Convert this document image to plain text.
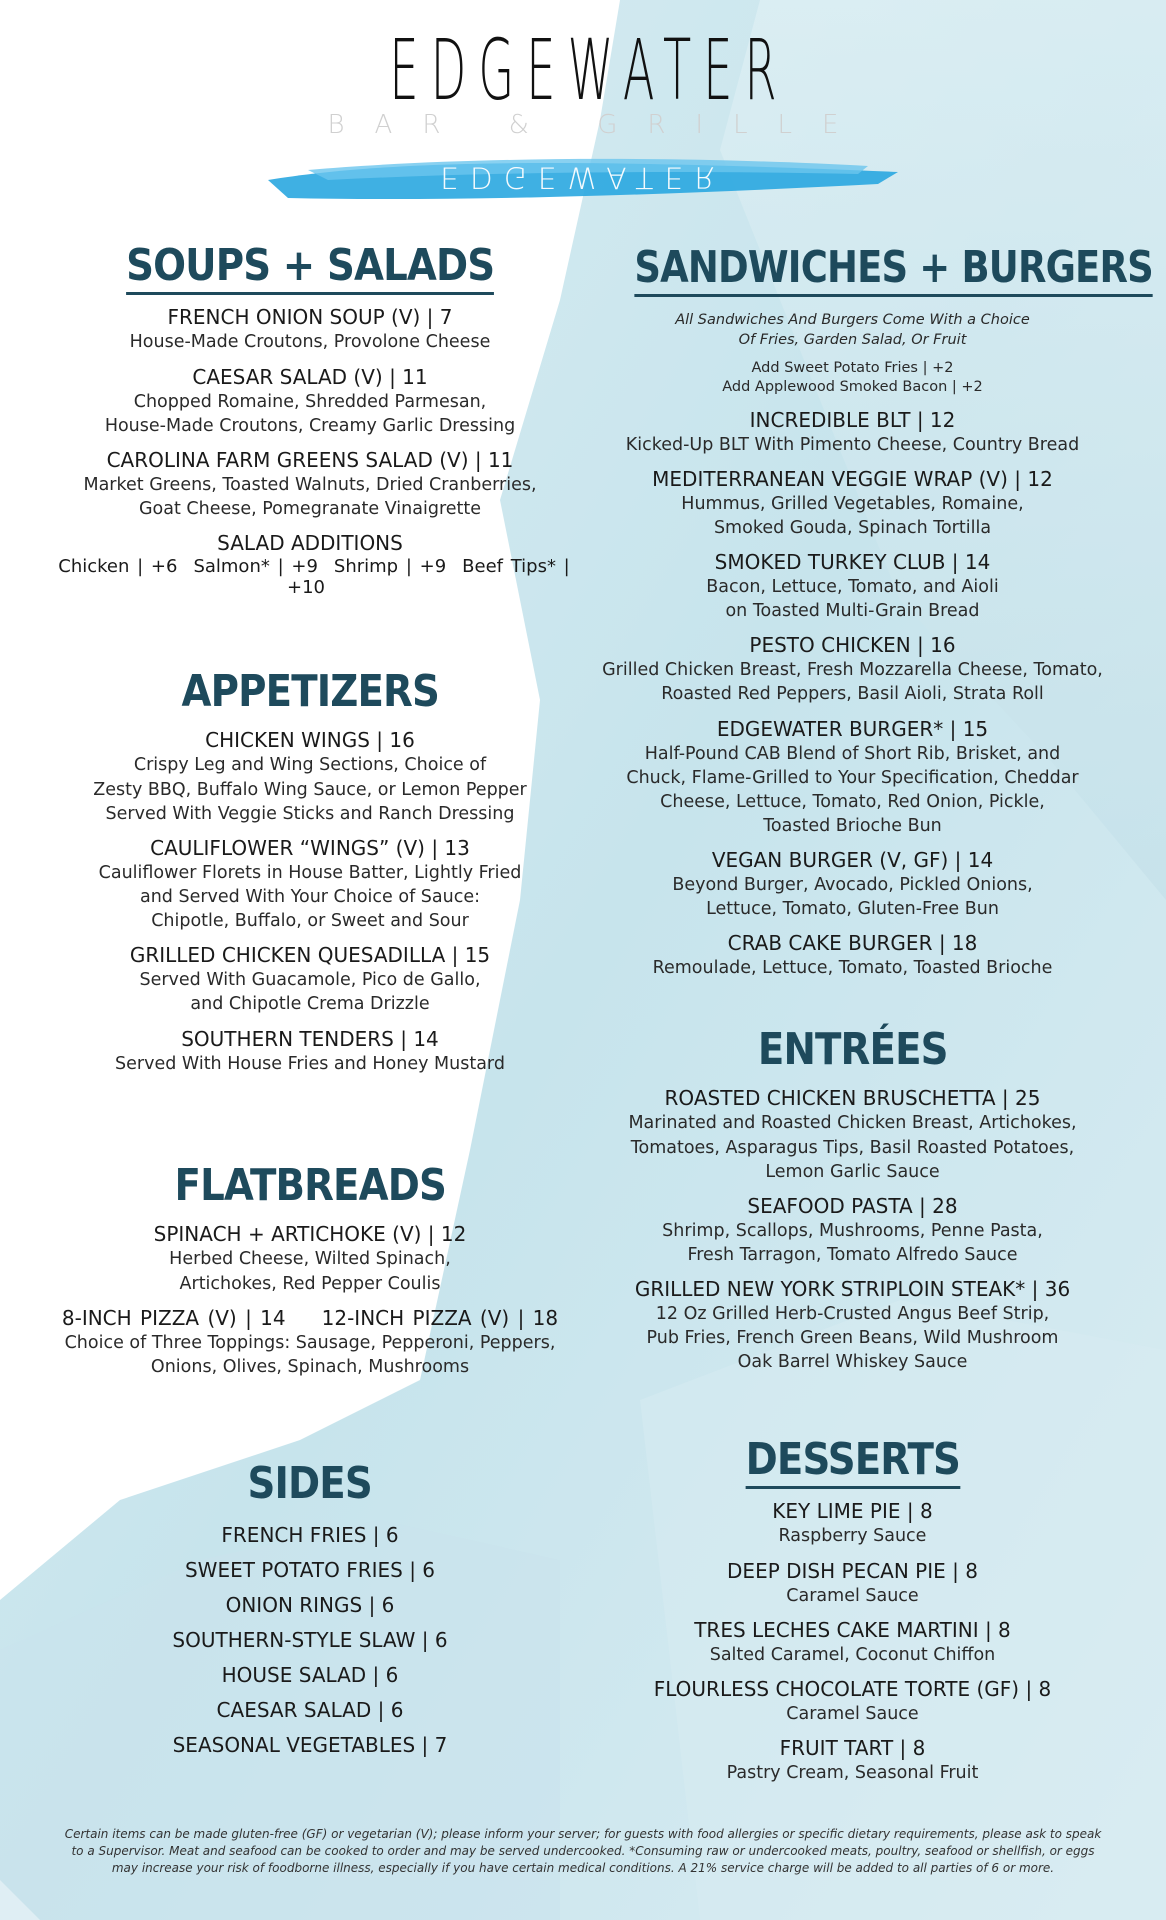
EDGEWATER
BAR & GRILLE
EDGEWATER
SOUPS + SALADS
FRENCH ONION SOUP (V) | 7
House-Made Croutons, Provolone Cheese
CAESAR SALAD (V) | 11
Chopped Romaine, Shredded Parmesan,
House-Made Croutons, Creamy Garlic Dressing
CAROLINA FARM GREENS SALAD (V) | 11
Market Greens, Toasted Walnuts, Dried Cranberries,
Goat Cheese, Pomegranate Vinaigrette
SALAD ADDITIONS
Chicken | +6 Salmon* | +9 Shrimp | +9 Beef Tips* | +10
APPETIZERS
CHICKEN WINGS | 16
Crispy Leg and Wing Sections, Choice of
Zesty BBQ, Buffalo Wing Sauce, or Lemon Pepper
Served With Veggie Sticks and Ranch Dressing
CAULIFLOWER “WINGS” (V) | 13
Cauliflower Florets in House Batter, Lightly Fried
and Served With Your Choice of Sauce:
Chipotle, Buffalo, or Sweet and Sour
GRILLED CHICKEN QUESADILLA | 15
Served With Guacamole, Pico de Gallo,
and Chipotle Crema Drizzle
SOUTHERN TENDERS | 14
Served With House Fries and Honey Mustard
FLATBREADS
SPINACH + ARTICHOKE (V) | 12
Herbed Cheese, Wilted Spinach,
Artichokes, Red Pepper Coulis
8-INCH PIZZA (V) | 14 12-INCH PIZZA (V) | 18
Choice of Three Toppings: Sausage, Pepperoni, Peppers,
Onions, Olives, Spinach, Mushrooms
SIDES
FRENCH FRIES | 6
SWEET POTATO FRIES | 6
ONION RINGS | 6
SOUTHERN-STYLE SLAW | 6
HOUSE SALAD | 6
CAESAR SALAD | 6
SEASONAL VEGETABLES | 7
SANDWICHES + BURGERS
All Sandwiches And Burgers Come With a Choice
Of Fries, Garden Salad, Or Fruit
Add Sweet Potato Fries | +2
Add Applewood Smoked Bacon | +2
INCREDIBLE BLT | 12
Kicked-Up BLT With Pimento Cheese, Country Bread
MEDITERRANEAN VEGGIE WRAP (V) | 12
Hummus, Grilled Vegetables, Romaine,
Smoked Gouda, Spinach Tortilla
SMOKED TURKEY CLUB | 14
Bacon, Lettuce, Tomato, and Aioli
on Toasted Multi-Grain Bread
PESTO CHICKEN | 16
Grilled Chicken Breast, Fresh Mozzarella Cheese, Tomato,
Roasted Red Peppers, Basil Aioli, Strata Roll
EDGEWATER BURGER* | 15
Half-Pound CAB Blend of Short Rib, Brisket, and
Chuck, Flame-Grilled to Your Specification, Cheddar
Cheese, Lettuce, Tomato, Red Onion, Pickle,
Toasted Brioche Bun
VEGAN BURGER (V, GF) | 14
Beyond Burger, Avocado, Pickled Onions,
Lettuce, Tomato, Gluten-Free Bun
CRAB CAKE BURGER | 18
Remoulade, Lettuce, Tomato, Toasted Brioche
ENTRÉES
ROASTED CHICKEN BRUSCHETTA | 25
Marinated and Roasted Chicken Breast, Artichokes,
Tomatoes, Asparagus Tips, Basil Roasted Potatoes,
Lemon Garlic Sauce
SEAFOOD PASTA | 28
Shrimp, Scallops, Mushrooms, Penne Pasta,
Fresh Tarragon, Tomato Alfredo Sauce
GRILLED NEW YORK STRIPLOIN STEAK* | 36
12 Oz Grilled Herb-Crusted Angus Beef Strip,
Pub Fries, French Green Beans, Wild Mushroom
Oak Barrel Whiskey Sauce
DESSERTS
KEY LIME PIE | 8
Raspberry Sauce
DEEP DISH PECAN PIE | 8
Caramel Sauce
TRES LECHES CAKE MARTINI | 8
Salted Caramel, Coconut Chiffon
FLOURLESS CHOCOLATE TORTE (GF) | 8
Caramel Sauce
FRUIT TART | 8
Pastry Cream, Seasonal Fruit
Certain items can be made gluten-free (GF) or vegetarian (V); please inform your server; for guests with food allergies or specific dietary requirements, please ask to speak
to a Supervisor. Meat and seafood can be cooked to order and may be served undercooked. *Consuming raw or undercooked meats, poultry, seafood or shellfish, or eggs
may increase your risk of foodborne illness, especially if you have certain medical conditions. A 21% service charge will be added to all parties of 6 or more.
